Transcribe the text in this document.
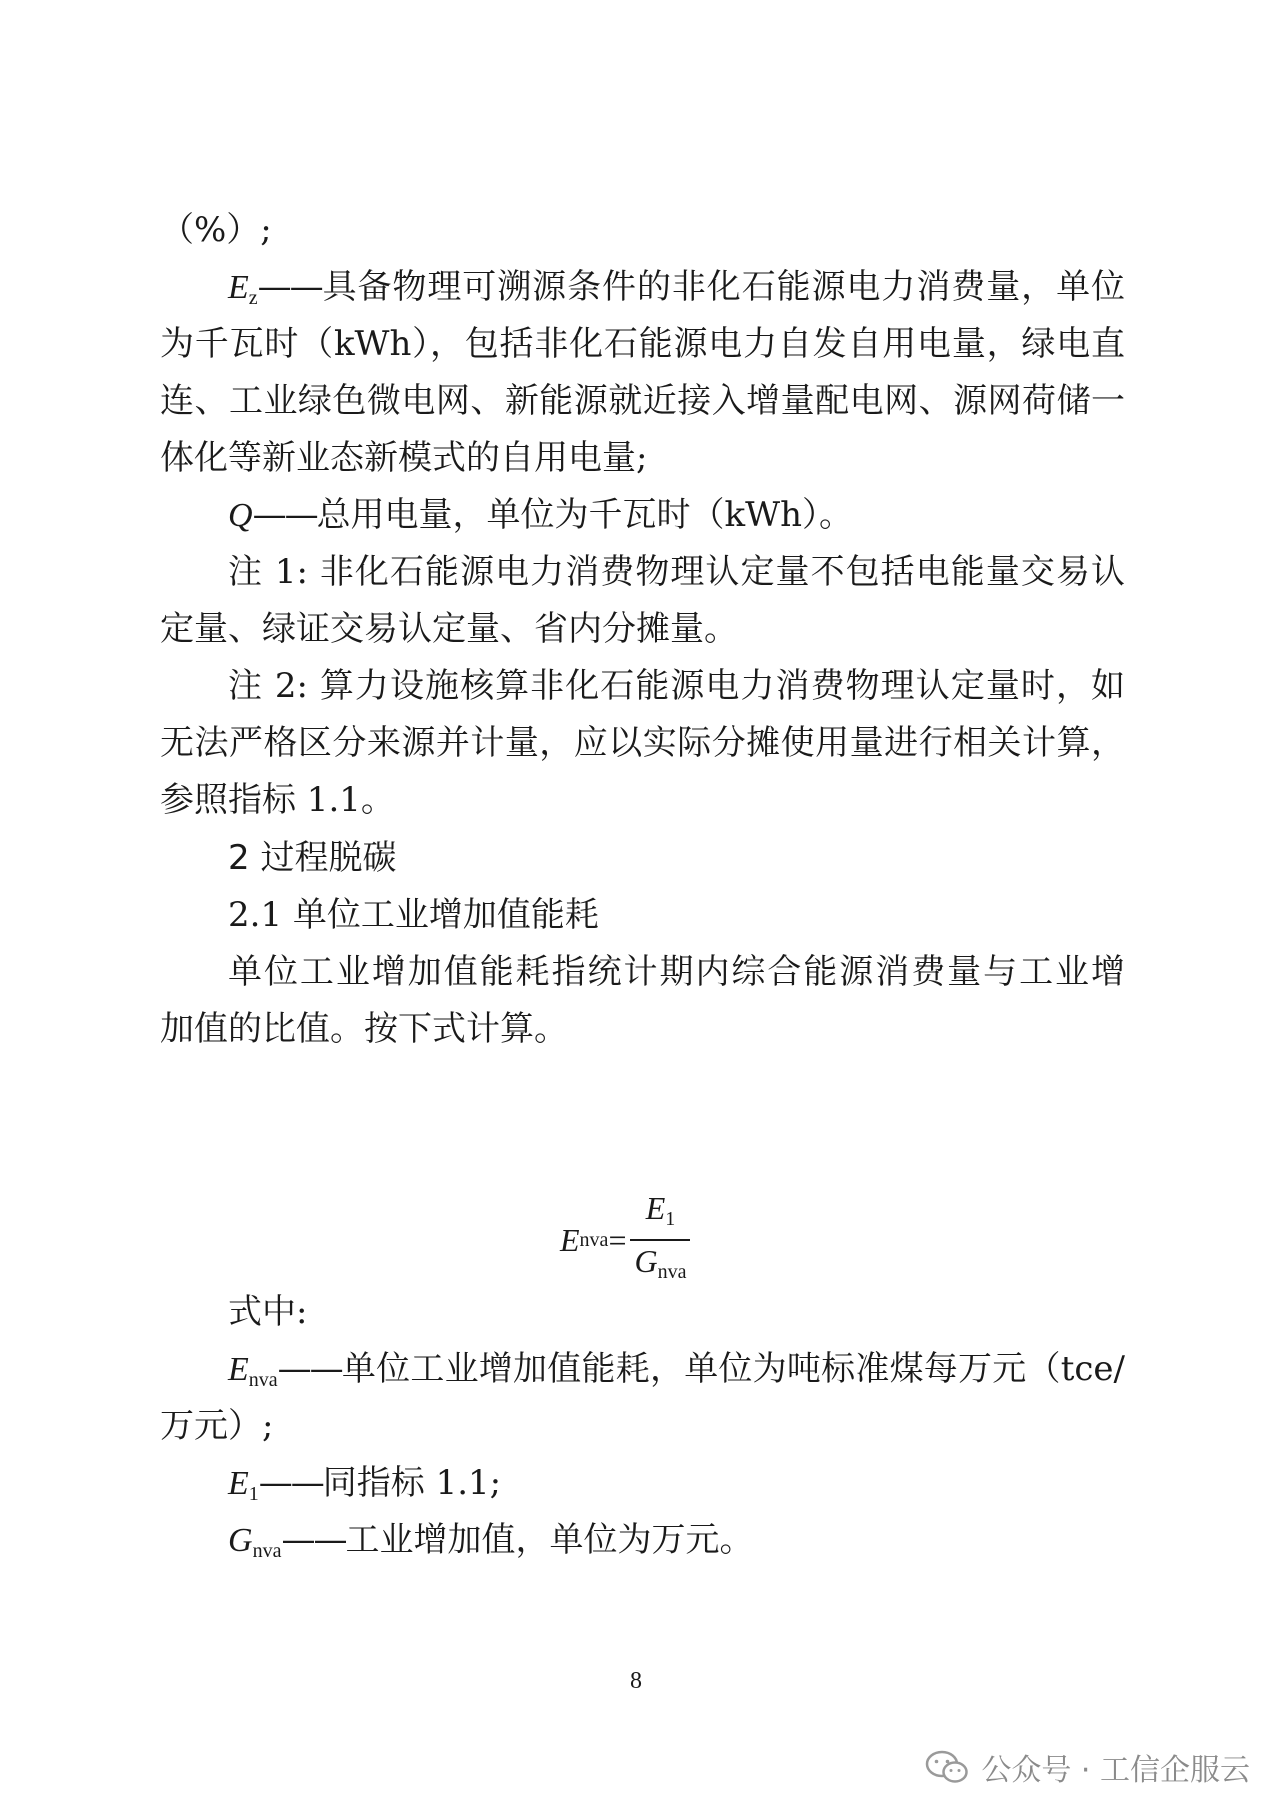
（%）;
$E_z——$具备物理可溯源条件的非化石能源电力消费量，单位
为千瓦时（kWh），包括非化石能源电力自发自用电量，绿电直
连、工业绿色微电网、新能源就近接入增量配电网、源网荷储一
体化等新业态新模式的自用电量;
Q——总用电量，单位为千瓦时（kWh）。
注 1: 非化石能源电力消费物理认定量不包括电能量交易认
定量、绿证交易认定量、省内分摊量。
注 2: 算力设施核算非化石能源电力消费物理认定量时，如
无法严格区分来源并计量，应以实际分摊使用量进行相关计算，
参照指标 1.1。
2 过程脱碳
2.1 单位工业增加值能耗
单位工业增加值能耗指统计期内综合能源消费量与工业增
加值的比值。按下式计算。
E nva = $\frac{E_1}{G_{nva}}$
式中:
$E_{nva}——$单位工业增加值能耗，单位为吨标准煤每万元（tce/
万元）;
$E_1——$同指标 1.1;
$G_{nva}——$工业增加值，单位为万元。
8
公众号 · 工信企服云
